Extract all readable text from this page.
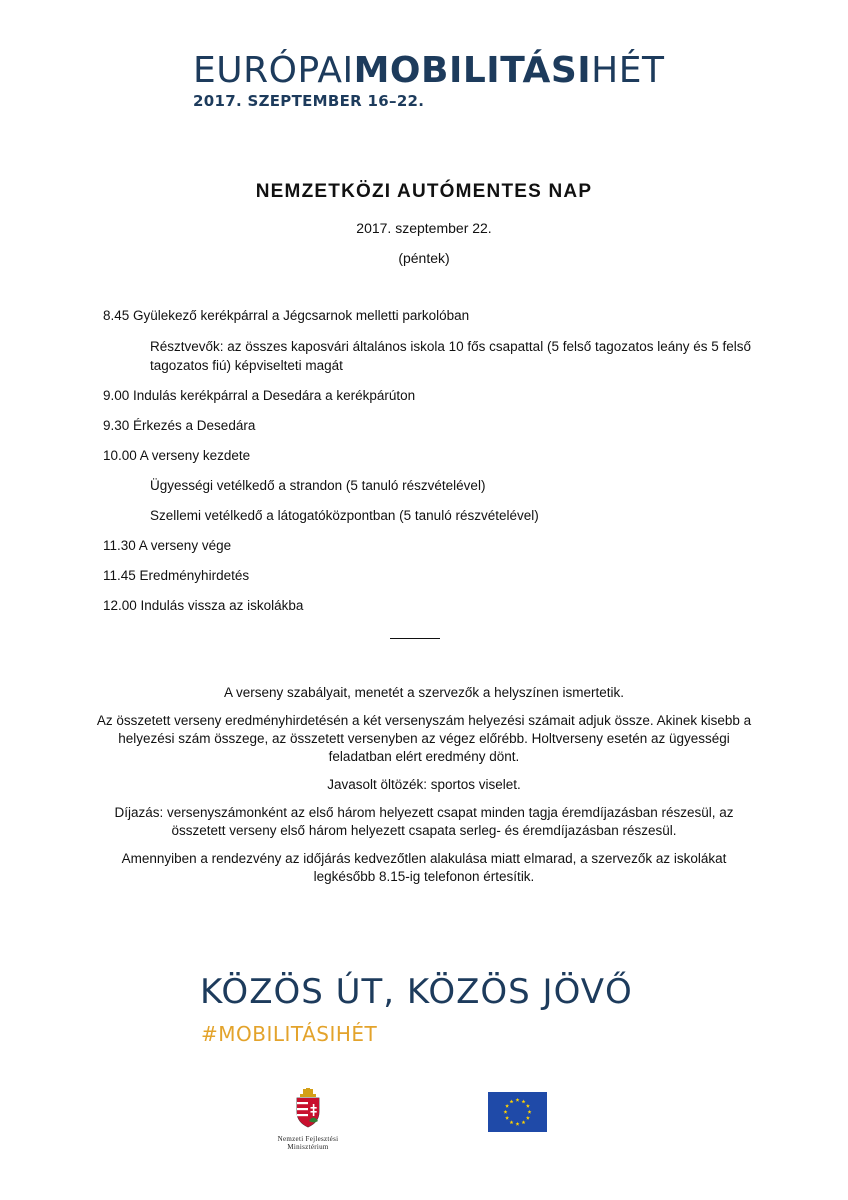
EURÓPAIMOBILITÁSIHÉT
2017. SZEPTEMBER 16–22.
NEMZETKÖZI AUTÓMENTES NAP
2017. szeptember 22.
(péntek)
8.45 Gyülekező kerékpárral a Jégcsarnok melletti parkolóban
Résztvevők: az összes kaposvári általános iskola 10 fős csapattal (5 felső tagozatos leány és 5 felső tagozatos fiú) képviselteti magát
9.00 Indulás kerékpárral a Desedára a kerékpárúton
9.30 Érkezés a Desedára
10.00 A verseny kezdete
Ügyességi vetélkedő a strandon (5 tanuló részvételével)
Szellemi vetélkedő a látogatóközpontban (5 tanuló részvételével)
11.30 A verseny vége
11.45 Eredményhirdetés
12.00 Indulás vissza az iskolákba

A verseny szabályait, menetét a szervezők a helyszínen ismertetik.

Az összetett verseny eredményhirdetésén a két versenyszám helyezési számait adjuk össze. Akinek kisebb a helyezési szám összege, az összetett versenyben az végez előrébb. Holtverseny esetén az ügyességi feladatban elért eredmény dönt.

Javasolt öltözék: sportos viselet.

Díjazás: versenyszámonként az első három helyezett csapat minden tagja éremdíjazásban részesül, az összetett verseny első három helyezett csapata serleg- és éremdíjazásban részesül.

Amennyiben a rendezvény az időjárás kedvezőtlen alakulása miatt elmarad, a szervezők az iskolákat legkésőbb 8.15-ig telefonon értesítik.

KÖZÖS ÚT, KÖZÖS JÖVŐ
#MOBILITÁSIHÉT
Nemzeti Fejlesztési
Minisztérium
